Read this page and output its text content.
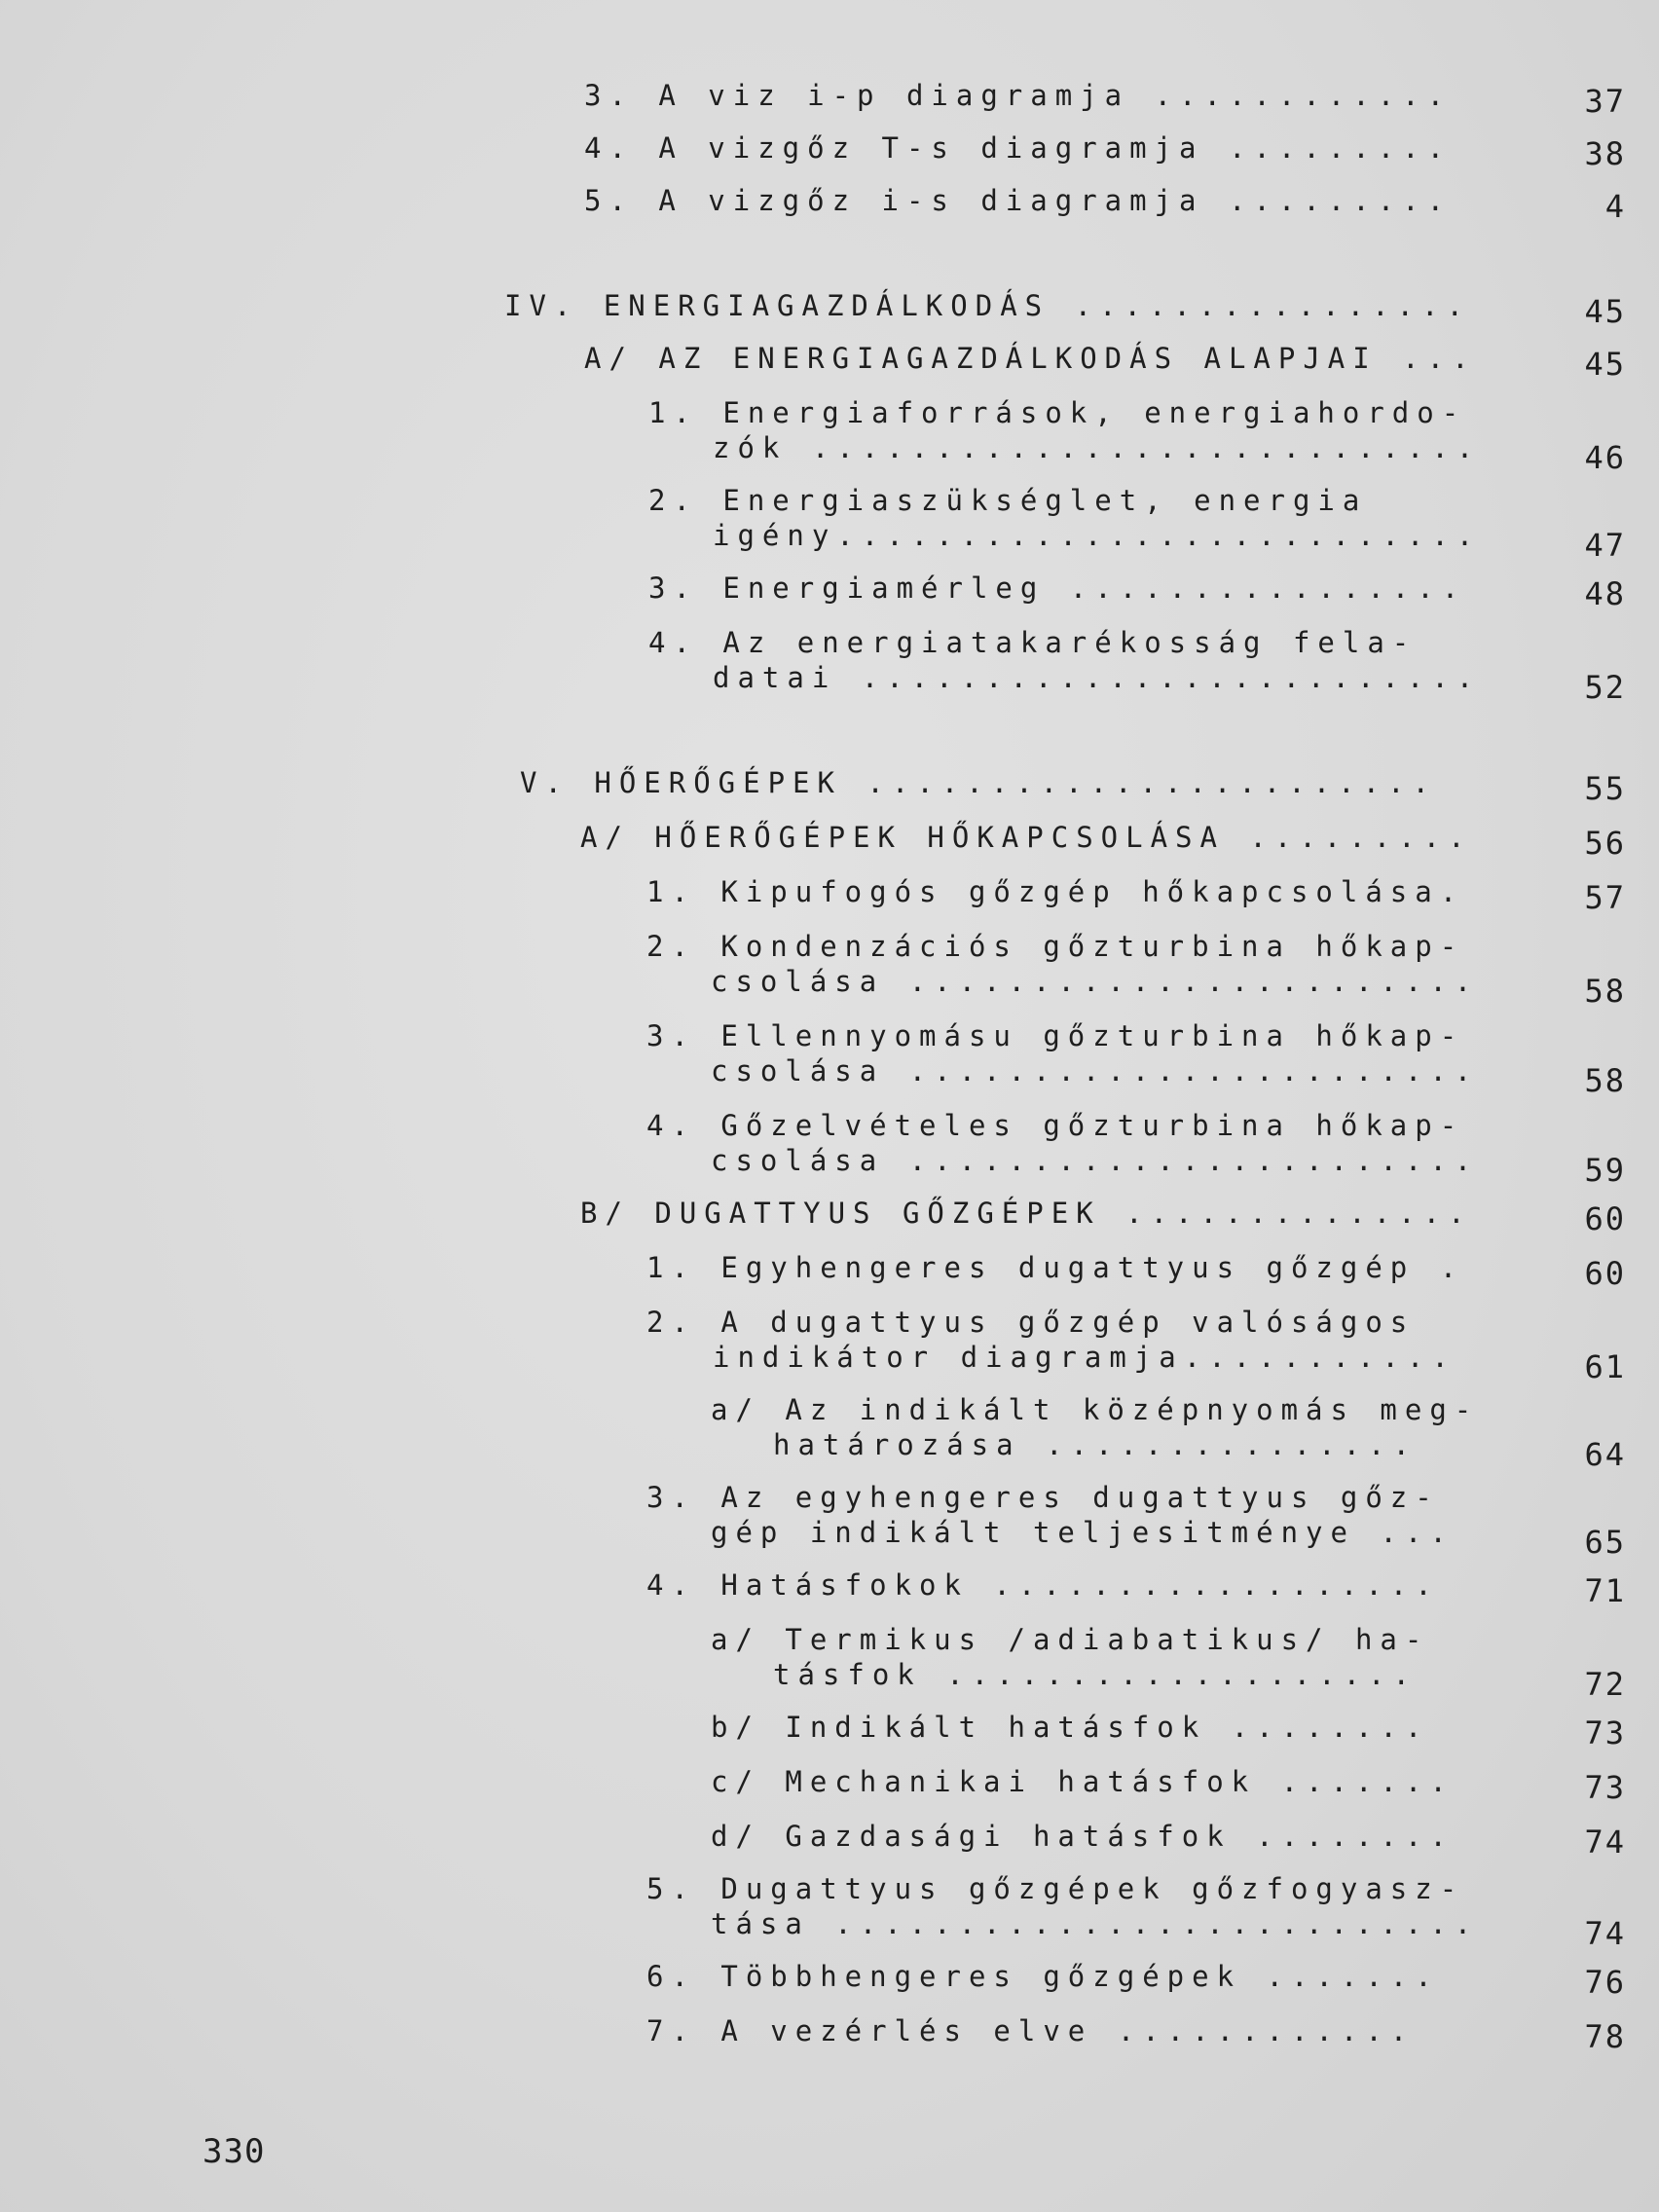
3. A viz i-p diagramja ............	37
4. A vizgőz T-s diagramja .........	38
5. A vizgőz i-s diagramja .........	4
IV. ENERGIAGAZDÁLKODÁS ................	45
A/ AZ ENERGIAGAZDÁLKODÁS ALAPJAI ...	45
1. Energiaforrások, energiahordo-
zók ...........................	46
2. Energiaszükséglet, energia
igény..........................	47
3. Energiamérleg ................	48
4. Az energiatakarékosság fela-
datai .........................	52
V. HŐERŐGÉPEK .......................	55
A/ HŐERŐGÉPEK HŐKAPCSOLÁSA .........	56
1. Kipufogós gőzgép hőkapcsolása.	57
2. Kondenzációs gőzturbina hőkap-
csolása .......................	58
3. Ellennyomásu gőzturbina hőkap-
csolása .......................	58
4. Gőzelvételes gőzturbina hőkap-
csolása .......................	59
B/ DUGATTYUS GŐZGÉPEK ..............	60
1. Egyhengeres dugattyus gőzgép .	60
2. A dugattyus gőzgép valóságos
indikátor diagramja...........	61
a/ Az indikált középnyomás meg-
határozása ...............	64
3. Az egyhengeres dugattyus gőz-
gép indikált teljesitménye ...	65
4. Hatásfokok ..................	71
a/ Termikus /adiabatikus/ ha-
tásfok ...................	72
b/ Indikált hatásfok ........	73
c/ Mechanikai hatásfok .......	73
d/ Gazdasági hatásfok ........	74
5. Dugattyus gőzgépek gőzfogyasz-
tása ..........................	74
6. Többhengeres gőzgépek .......	76
7. A vezérlés elve ............	78
330
